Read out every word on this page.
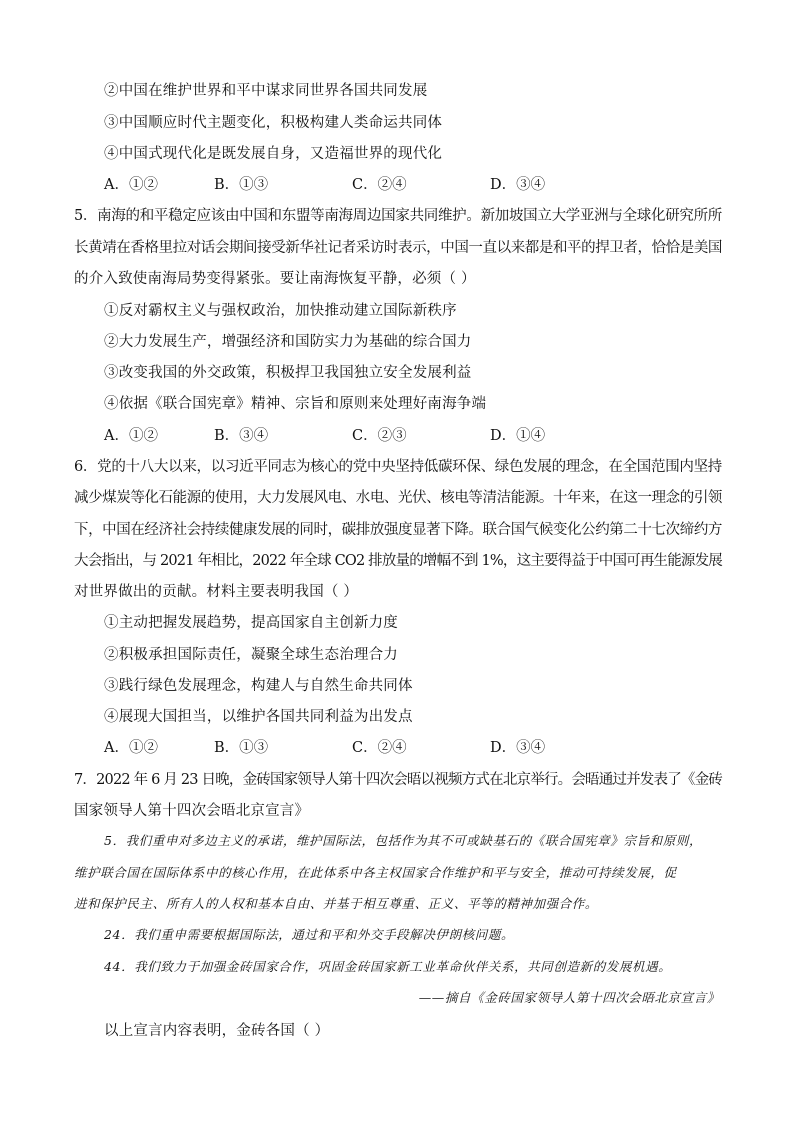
②中国在维护世界和平中谋求同世界各国共同发展
③中国顺应时代主题变化，积极构建人类命运共同体
④中国式现代化是既发展自身，又造福世界的现代化
A．①②	B．①③	C．②④	D．③④
5．南海的和平稳定应该由中国和东盟等南海周边国家共同维护。新加坡国立大学亚洲与全球化研究所所
长黄靖在香格里拉对话会期间接受新华社记者采访时表示，中国一直以来都是和平的捍卫者，恰恰是美国
的介入致使南海局势变得紧张。要让南海恢复平静，必须（ ）
①反对霸权主义与强权政治，加快推动建立国际新秩序
②大力发展生产，增强经济和国防实力为基础的综合国力
③改变我国的外交政策，积极捍卫我国独立安全发展利益
④依据《联合国宪章》精神、宗旨和原则来处理好南海争端
A．①②	B．③④	C．②③	D．①④
6．党的十八大以来，以习近平同志为核心的党中央坚持低碳环保、绿色发展的理念，在全国范围内坚持
减少煤炭等化石能源的使用，大力发展风电、水电、光伏、核电等清洁能源。十年来，在这一理念的引领
下，中国在经济社会持续健康发展的同时，碳排放强度显著下降。联合国气候变化公约第二十七次缔约方
大会指出，与 2021 年相比，2022 年全球 CO2 排放量的增幅不到 1%，这主要得益于中国可再生能源发展
对世界做出的贡献。材料主要表明我国（ ）
①主动把握发展趋势，提高国家自主创新力度
②积极承担国际责任，凝聚全球生态治理合力
③践行绿色发展理念，构建人与自然生命共同体
④展现大国担当，以维护各国共同利益为出发点
A．①②	B．①③	C．②④	D．③④
7．2022 年 6 月 23 日晚，金砖国家领导人第十四次会晤以视频方式在北京举行。会晤通过并发表了《金砖
国家领导人第十四次会晤北京宣言》
5．我们重申对多边主义的承诺，维护国际法，包括作为其不可或缺基石的《联合国宪章》宗旨和原则，
维护联合国在国际体系中的核心作用，在此体系中各主权国家合作维护和平与安全，推动可持续发展，促
进和保护民主、所有人的人权和基本自由、并基于相互尊重、正义、平等的精神加强合作。
24．我们重申需要根据国际法，通过和平和外交手段解决伊朗核问题。
44．我们致力于加强金砖国家合作，巩固金砖国家新工业革命伙伴关系，共同创造新的发展机遇。
——摘自《金砖国家领导人第十四次会晤北京宣言》
以上宣言内容表明，金砖各国（ ）
